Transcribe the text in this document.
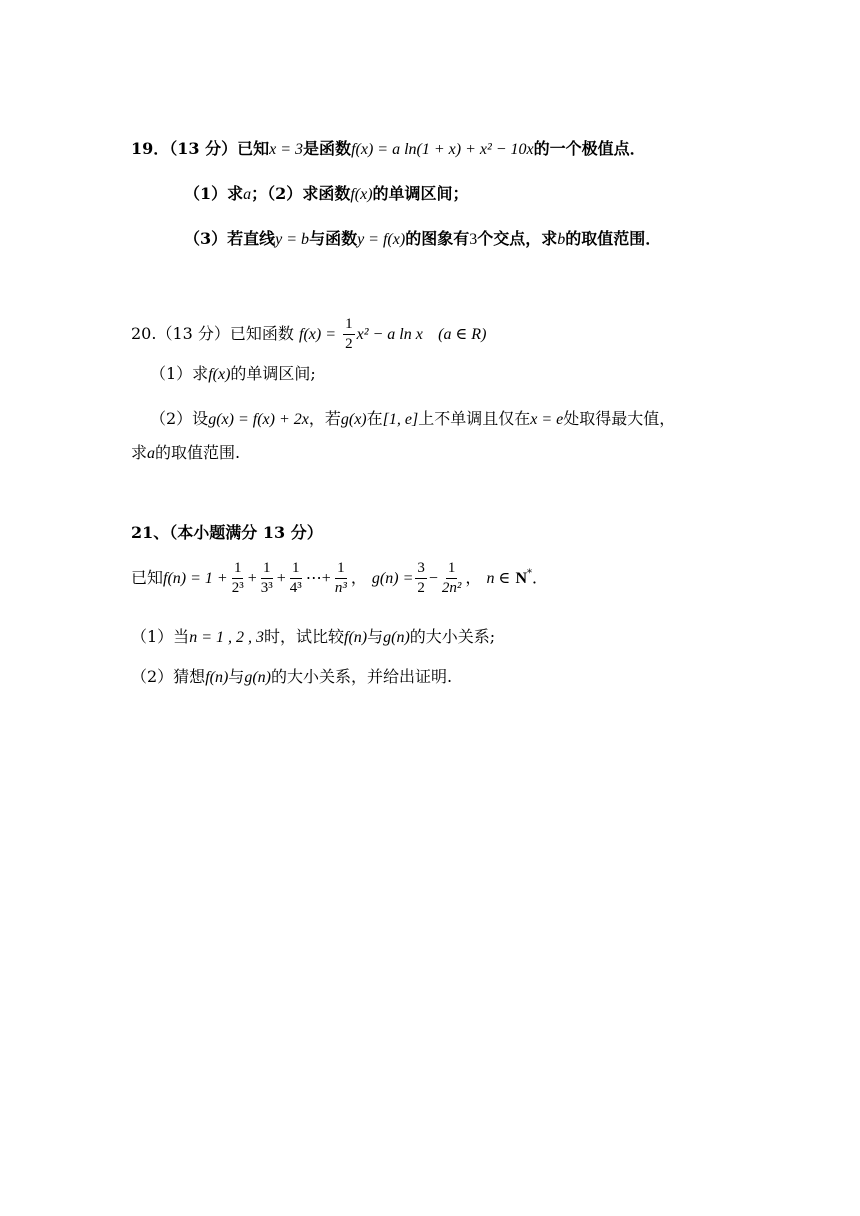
19．（13 分）已知x = 3是函数f(x) = a ln(1 + x) + x² − 10x的一个极值点．
（1）求a；（2）求函数f(x)的单调区间；
（3）若直线y = b与函数y = f(x)的图象有3个交点，求b的取值范围．
20.（13 分）已知函数 $f(x) = \frac{1}{2} x^2 - a$ ln x (a ∈ R)
（1）求f(x)的单调区间;
（2）设g(x) = f(x) + 2x，若g(x)在[1, e]上不单调且仅在x = e处取得最大值，
求a的取值范围.
21、（本小题满分 13 分）
已知$f(n) = 1 + \frac{1}{\text{2³}} + \frac{1}{\text{3³}} + \frac{1}{\text{4³}}$ ⋯+ $\frac{1}{\text{n³}}$ ， $g(n) = \frac{3}{2} - \frac{1}{\text{2n²}}$ ， n ∈ N*．
（1）当n = 1 , 2 , 3时，试比较f(n)与g(n)的大小关系;
（2）猜想f(n)与g(n)的大小关系，并给出证明.
